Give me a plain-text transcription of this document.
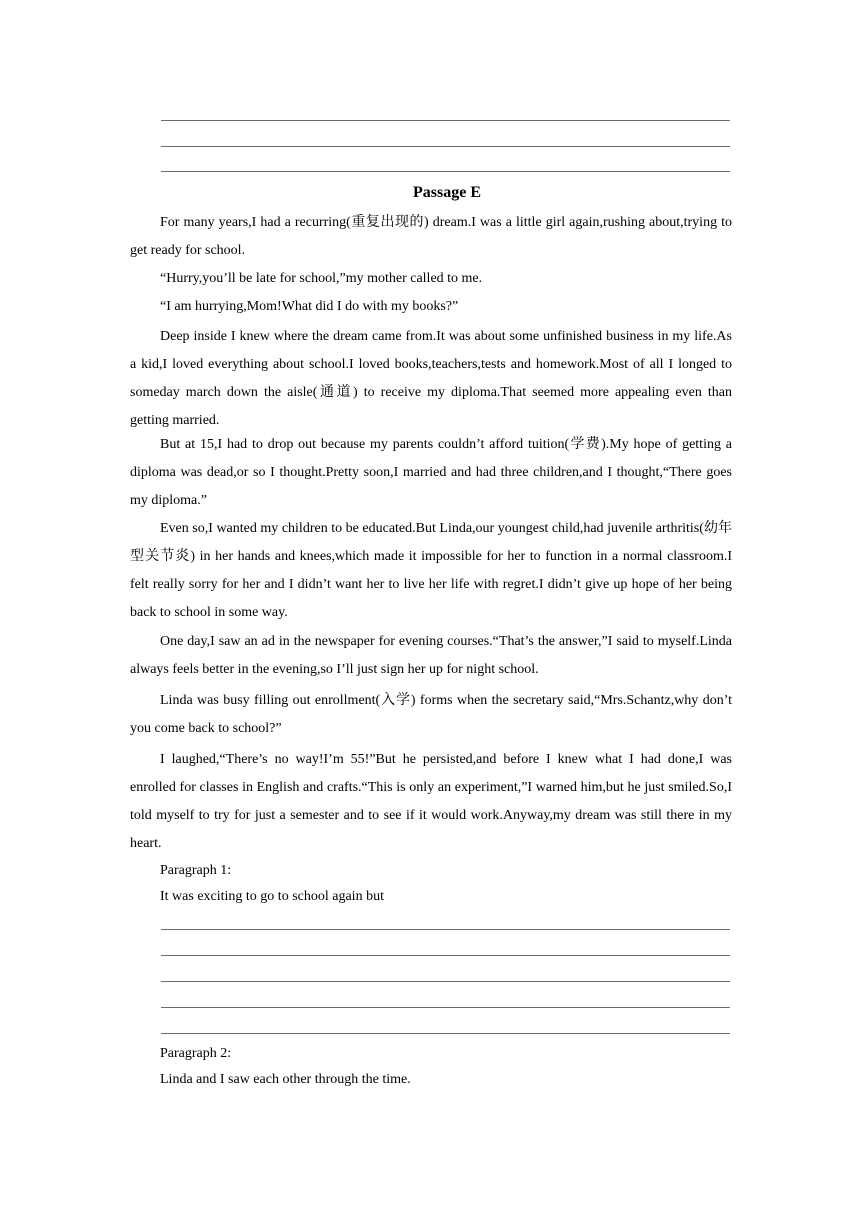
Passage E
For many years,I had a recurring(重复出现的) dream.I was a little girl again,rushing about,trying to get ready for school.
“Hurry,you’ll be late for school,”my mother called to me.
“I am hurrying,Mom!What did I do with my books?”
Deep inside I knew where the dream came from.It was about some unfinished business in my life.As a kid,I loved everything about school.I loved books,teachers,tests and homework.Most of all I longed to someday march down the aisle(通道) to receive my diploma.That seemed more appealing even than getting married.
But at 15,I had to drop out because my parents couldn’t afford tuition(学费).My hope of getting a diploma was dead,or so I thought.Pretty soon,I married and had three children,and I thought,“There goes my diploma.”
Even so,I wanted my children to be educated.But Linda,our youngest child,had juvenile arthritis(幼年型关节炎) in her hands and knees,which made it impossible for her to function in a normal classroom.I felt really sorry for her and I didn’t want her to live her life with regret.I didn’t give up hope of her being back to school in some way.
One day,I saw an ad in the newspaper for evening courses.“That’s the answer,”I said to myself.Linda always feels better in the evening,so I’ll just sign her up for night school.
Linda was busy filling out enrollment(入学) forms when the secretary said,“Mrs.Schantz,why don’t you come back to school?”
I laughed,“There’s no way!I’m 55!”But he persisted,and before I knew what I had done,I was enrolled for classes in English and crafts.“This is only an experiment,”I warned him,but he just smiled.So,I told myself to try for just a semester and to see if it would work.Anyway,my dream was still there in my heart.
Paragraph 1:
It was exciting to go to school again but
Paragraph 2:
Linda and I saw each other through the time.
